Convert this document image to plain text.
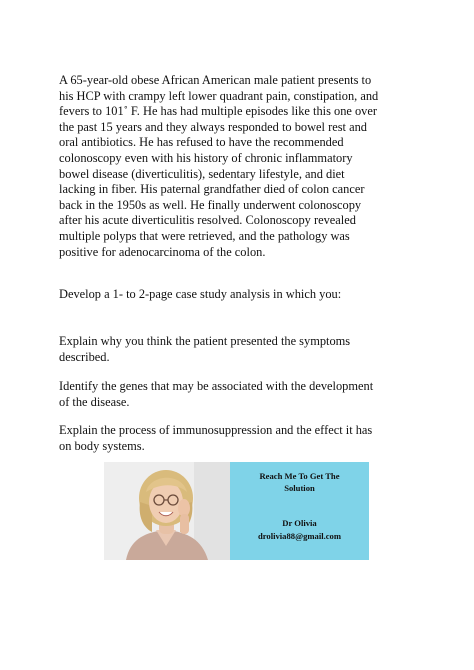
A 65-year-old obese African American male patient presents to
his HCP with crampy left lower quadrant pain, constipation, and
fevers to 101˚ F. He has had multiple episodes like this one over
the past 15 years and they always responded to bowel rest and
oral antibiotics. He has refused to have the recommended
colonoscopy even with his history of chronic inflammatory
bowel disease (diverticulitis), sedentary lifestyle, and diet
lacking in fiber. His paternal grandfather died of colon cancer
back in the 1950s as well. He finally underwent colonoscopy
after his acute diverticulitis resolved. Colonoscopy revealed
multiple polyps that were retrieved, and the pathology was
positive for adenocarcinoma of the colon.
Develop a 1- to 2-page case study analysis in which you:
Explain why you think the patient presented the symptoms
described.
Identify the genes that may be associated with the development
of the disease.
Explain the process of immunosuppression and the effect it has
on body systems.
Reach Me To Get The
Solution
Dr Olivia
drolivia88@gmail.com
